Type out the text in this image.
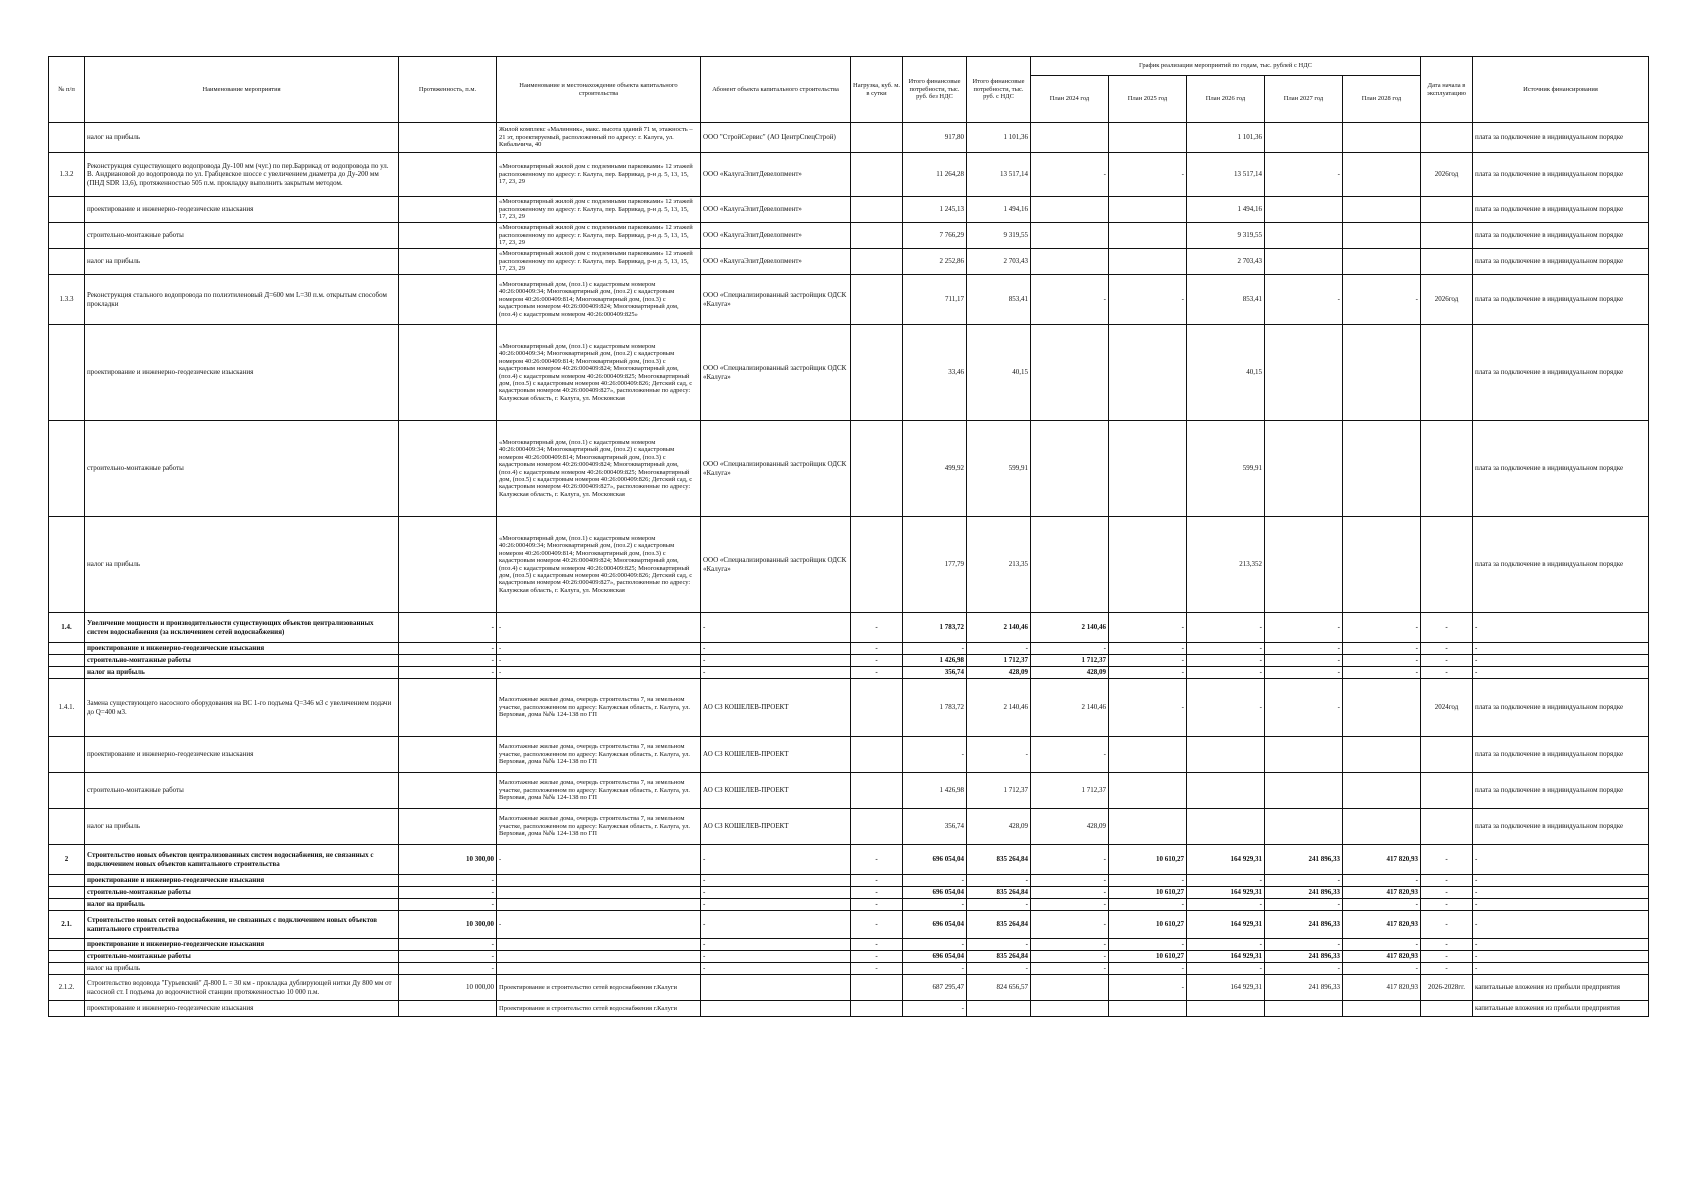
№ п/п	Наименование мероприятия	Протяженность, п.м.	Наименование и местонахождение объекта капитального строительства	Абонент объекта капитального строительства	Нагрузка, куб. м. в сутки	Итого финансовые потребности, тыс. руб. без НДС	Итого финансовые потребности, тыс. руб. с НДС	График реализации мероприятий по годам, тыс. рублей с НДС					Дата начала в эксплуатацию	Источник финансирования
								План 2024 год	План 2025 год	План 2026 год	План 2027 год	План 2028 год		
	налог на прибыль		Жилой комплекс «Малинник», макс. высота зданий 71 м, этажность – 21 эт, проектируемый, расположенный по адресу: г. Калуга, ул. Кибальчича, 40	ООО "СтройСервис" (АО ЦентрСпецСтрой)		917,80	1 101,36			1 101,36				плата за подключение в индивидуальном порядке
1.3.2	Реконструкция существующего водопровода Ду-100 мм (чуг.) по пер.Баррикад от водопровода по ул. В. Андриановой до водопровода по ул. Грабцевское шоссе с увеличением диаметра до Ду-200 мм (ПНД SDR 13,6), протяженностью 505 п.м. прокладку выполнить закрытым методом.		«Многоквартирный жилой дом с подземными парковками» 12 этажей расположенному по адресу: г. Калуга, пер. Баррикад, р-н д. 5, 13, 15, 17, 23, 29	ООО «КалугаЭлитДевелопмент»		11 264,28	13 517,14	-	-	13 517,14	-		2026год	плата за подключение в индивидуальном порядке
	проектирование и инженерно-геодезические изыскания		«Многоквартирный жилой дом с подземными парковками» 12 этажей расположенному по адресу: г. Калуга, пер. Баррикад, р-н д. 5, 13, 15, 17, 23, 29	ООО «КалугаЭлитДевелопмент»		1 245,13	1 494,16			1 494,16				плата за подключение в индивидуальном порядке
	строительно-монтажные работы		«Многоквартирный жилой дом с подземными парковками» 12 этажей расположенному по адресу: г. Калуга, пер. Баррикад, р-н д. 5, 13, 15, 17, 23, 29	ООО «КалугаЭлитДевелопмент»		7 766,29	9 319,55			9 319,55				плата за подключение в индивидуальном порядке
	налог на прибыль		«Многоквартирный жилой дом с подземными парковками» 12 этажей расположенному по адресу: г. Калуга, пер. Баррикад, р-н д. 5, 13, 15, 17, 23, 29	ООО «КалугаЭлитДевелопмент»		2 252,86	2 703,43			2 703,43				плата за подключение в индивидуальном порядке
1.3.3	Реконструкция стального водопровода по полиэтиленовый Д=600 мм L=30 п.м. открытым способом прокладки		«Многоквартирный дом, (поз.1) с кадастровым номером 40:26:000409:34; Многоквартирный дом, (поз.2) с кадастровым номером 40:26:000409:814; Многоквартирный дом, (поз.3) с кадастровым номером 40:26:000409:824; Многоквартирный дом, (поз.4) с кадастровым номером 40:26:000409:825»	ООО «Специализированный застройщик ОДСК «Калуга»		711,17	853,41	-	-	853,41	-	-	2026год	плата за подключение в индивидуальном порядке
	проектирование и инженерно-геодезические изыскания		«Многоквартирный дом, (поз.1) с кадастровым номером 40:26:000409:34; Многоквартирный дом, (поз.2) с кадастровым номером 40:26:000409:814; Многоквартирный дом, (поз.3) с кадастровым номером 40:26:000409:824; Многоквартирный дом, (поз.4) с кадастровым номером 40:26:000409:825; Многоквартирный дом, (поз.5) с кадастровым номером 40:26:000409:826; Детский сад, с кадастровым номером 40:26:000409:827», расположенные по адресу: Калужская область, г. Калуга, ул. Московская	ООО «Специализированный застройщик ОДСК «Калуга»		33,46	40,15			40,15				плата за подключение в индивидуальном порядке
	строительно-монтажные работы		«Многоквартирный дом, (поз.1) с кадастровым номером 40:26:000409:34; Многоквартирный дом, (поз.2) с кадастровым номером 40:26:000409:814; Многоквартирный дом, (поз.3) с кадастровым номером 40:26:000409:824; Многоквартирный дом, (поз.4) с кадастровым номером 40:26:000409:825; Многоквартирный дом, (поз.5) с кадастровым номером 40:26:000409:826; Детский сад, с кадастровым номером 40:26:000409:827», расположенные по адресу: Калужская область, г. Калуга, ул. Московская	ООО «Специализированный застройщик ОДСК «Калуга»		499,92	599,91			599,91				плата за подключение в индивидуальном порядке
	налог на прибыль		«Многоквартирный дом, (поз.1) с кадастровым номером 40:26:000409:34; Многоквартирный дом, (поз.2) с кадастровым номером 40:26:000409:814; Многоквартирный дом, (поз.3) с кадастровым номером 40:26:000409:824; Многоквартирный дом, (поз.4) с кадастровым номером 40:26:000409:825; Многоквартирный дом, (поз.5) с кадастровым номером 40:26:000409:826; Детский сад, с кадастровым номером 40:26:000409:827», расположенные по адресу: Калужская область, г. Калуга, ул. Московская	ООО «Специализированный застройщик ОДСК «Калуга»		177,79	213,35			213,352				плата за подключение в индивидуальном порядке
1.4.	Увеличение мощности и производительности существующих объектов централизованных систем водоснабжения (за исключением сетей водоснабжения)	-	-	-	-	1 783,72	2 140,46	2 140,46	-	-	-	-	-	-
	проектирование и инженерно-геодезические изыскания	-	-	-	-	-	-	-	-	-	-	-	-	-
	строительно-монтажные работы	-	-	-	-	1 426,98	1 712,37	1 712,37	-	-	-	-	-	-
	налог на прибыль	-	-	-	-	356,74	428,09	428,09	-	-	-	-	-	-
1.4.1.	Замена существующего насосного оборудования на ВС 1-го подъема Q=346 м3 с увеличением подачи до Q=400 м3.		Малоэтажные жилые дома, очередь строительства 7, на земельном участке, расположенном по адресу: Калужская область, г. Калуга, ул. Верховая, дома №№ 124-138 по ГП	АО СЗ КОШЕЛЕВ-ПРОЕКТ		1 783,72	2 140,46	2 140,46	-	-	-		2024год	плата за подключение в индивидуальном порядке
	проектирование и инженерно-геодезические изыскания		Малоэтажные жилые дома, очередь строительства 7, на земельном участке, расположенном по адресу: Калужская область, г. Калуга, ул. Верховая, дома №№ 124-138 по ГП	АО СЗ КОШЕЛЕВ-ПРОЕКТ		-	-	-						плата за подключение в индивидуальном порядке
	строительно-монтажные работы		Малоэтажные жилые дома, очередь строительства 7, на земельном участке, расположенном по адресу: Калужская область, г. Калуга, ул. Верховая, дома №№ 124-138 по ГП	АО СЗ КОШЕЛЕВ-ПРОЕКТ		1 426,98	1 712,37	1 712,37						плата за подключение в индивидуальном порядке
	налог на прибыль		Малоэтажные жилые дома, очередь строительства 7, на земельном участке, расположенном по адресу: Калужская область, г. Калуга, ул. Верховая, дома №№ 124-138 по ГП	АО СЗ КОШЕЛЕВ-ПРОЕКТ		356,74	428,09	428,09						плата за подключение в индивидуальном порядке
2	Строительство новых объектов централизованных систем водоснабжения, не связанных с подключением новых объектов капитального строительства	10 300,00	-	-	-	696 054,04	835 264,84	-	10 610,27	164 929,31	241 896,33	417 820,93	-	-
	проектирование и инженерно-геодезические изыскания	-		-	-	-	-	-	-	-	-	-	-	-
	строительно-монтажные работы	-		-	-	696 054,04	835 264,84	-	10 610,27	164 929,31	241 896,33	417 820,93	-	-
	налог на прибыль	-		-	-	-	-	-	-	-	-	-	-	-
2.1.	Строительство новых сетей водоснабжения, не связанных с подключением новых объектов капитального строительства	10 300,00	-	-	-	696 054,04	835 264,84	-	10 610,27	164 929,31	241 896,33	417 820,93	-	-
	проектирование и инженерно-геодезические изыскания	-		-	-	-	-	-	-	-	-	-	-	-
	строительно-монтажные работы	-		-	-	696 054,04	835 264,84	-	10 610,27	164 929,31	241 896,33	417 820,93	-	-
	налог на прибыль	-		-	-	-	-	-	-	-	-	-	-	-
2.1.2.	Строительство водовода "Гурьевский" Д-800 L = 30 км - прокладка дублирующей нитки Ду 800 мм от насосной ст. I подъема до водоочистной станции протяженностью 10 000 п.м.	10 000,00	Проектирование и строительство сетей водоснабжения г.Калуги			687 295,47	824 656,57		-	164 929,31	241 896,33	417 820,93	2026-2028гг.	капитальные вложения из прибыли предприятия
	проектирование и инженерно-геодезические изыскания		Проектирование и строительство сетей водоснабжения г.Калуги			-								капитальные вложения из прибыли предприятия
